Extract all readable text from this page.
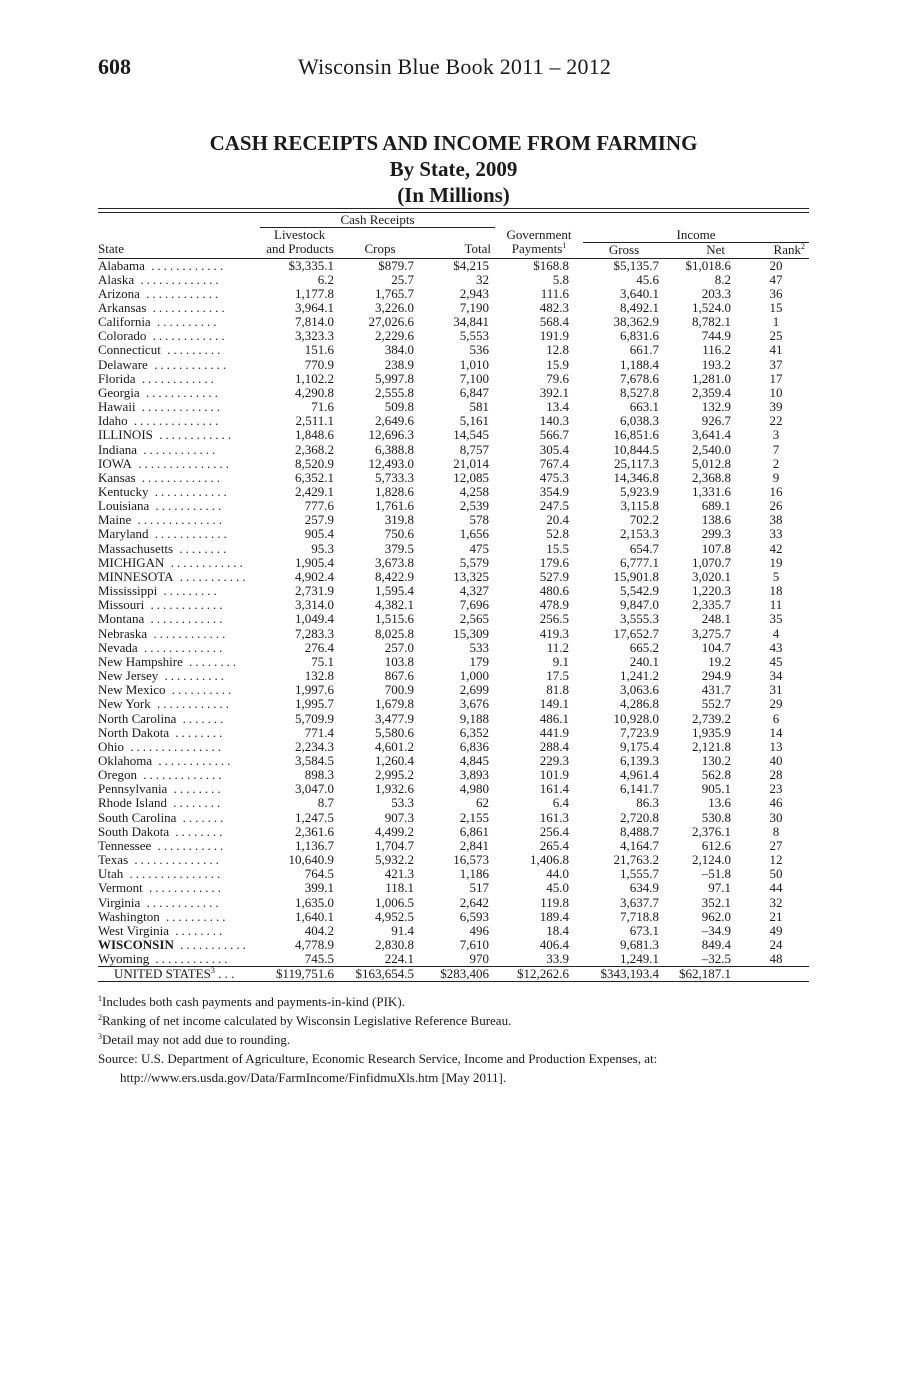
608	Wisconsin Blue Book 2011 – 2012
CASH RECEIPTS AND INCOME FROM FARMING
By State, 2009
(In Millions)
	Cash Receipts						
	Livestock			Government	Income		
State	and Products	Crops	Total	Payments$^1$	Gross	Net	Rank$^2$
Alabama ............	$3,335.1	$879.7	$4,215	$168.8	$5,135.7	$1,018.6	20
Alaska .............	6.2	25.7	32	5.8	45.6	8.2	47
Arizona ............	1,177.8	1,765.7	2,943	111.6	3,640.1	203.3	36
Arkansas ............	3,964.1	3,226.0	7,190	482.3	8,492.1	1,524.0	15
California ..........	7,814.0	27,026.6	34,841	568.4	38,362.9	8,782.1	1
Colorado ............	3,323.3	2,229.6	5,553	191.9	6,831.6	744.9	25
Connecticut .........	151.6	384.0	536	12.8	661.7	116.2	41
Delaware ............	770.9	238.9	1,010	15.9	1,188.4	193.2	37
Florida ............	1,102.2	5,997.8	7,100	79.6	7,678.6	1,281.0	17
Georgia ............	4,290.8	2,555.8	6,847	392.1	8,527.8	2,359.4	10
Hawaii .............	71.6	509.8	581	13.4	663.1	132.9	39
Idaho ..............	2,511.1	2,649.6	5,161	140.3	6,038.3	926.7	22
ILLINOIS ............	1,848.6	12,696.3	14,545	566.7	16,851.6	3,641.4	3
Indiana ............	2,368.2	6,388.8	8,757	305.4	10,844.5	2,540.0	7
IOWA ...............	8,520.9	12,493.0	21,014	767.4	25,117.3	5,012.8	2
Kansas .............	6,352.1	5,733.3	12,085	475.3	14,346.8	2,368.8	9
Kentucky ............	2,429.1	1,828.6	4,258	354.9	5,923.9	1,331.6	16
Louisiana ...........	777.6	1,761.6	2,539	247.5	3,115.8	689.1	26
Maine ..............	257.9	319.8	578	20.4	702.2	138.6	38
Maryland ............	905.4	750.6	1,656	52.8	2,153.3	299.3	33
Massachusetts ........	95.3	379.5	475	15.5	654.7	107.8	42
MICHIGAN ............	1,905.4	3,673.8	5,579	179.6	6,777.1	1,070.7	19
MINNESOTA ...........	4,902.4	8,422.9	13,325	527.9	15,901.8	3,020.1	5
Mississippi .........	2,731.9	1,595.4	4,327	480.6	5,542.9	1,220.3	18
Missouri ............	3,314.0	4,382.1	7,696	478.9	9,847.0	2,335.7	11
Montana ............	1,049.4	1,515.6	2,565	256.5	3,555.3	248.1	35
Nebraska ............	7,283.3	8,025.8	15,309	419.3	17,652.7	3,275.7	4
Nevada .............	276.4	257.0	533	11.2	665.2	104.7	43
New Hampshire ........	75.1	103.8	179	9.1	240.1	19.2	45
New Jersey ..........	132.8	867.6	1,000	17.5	1,241.2	294.9	34
New Mexico ..........	1,997.6	700.9	2,699	81.8	3,063.6	431.7	31
New York ............	1,995.7	1,679.8	3,676	149.1	4,286.8	552.7	29
North Carolina .......	5,709.9	3,477.9	9,188	486.1	10,928.0	2,739.2	6
North Dakota ........	771.4	5,580.6	6,352	441.9	7,723.9	1,935.9	14
Ohio ...............	2,234.3	4,601.2	6,836	288.4	9,175.4	2,121.8	13
Oklahoma ............	3,584.5	1,260.4	4,845	229.3	6,139.3	130.2	40
Oregon .............	898.3	2,995.2	3,893	101.9	4,961.4	562.8	28
Pennsylvania ........	3,047.0	1,932.6	4,980	161.4	6,141.7	905.1	23
Rhode Island ........	8.7	53.3	62	6.4	86.3	13.6	46
South Carolina .......	1,247.5	907.3	2,155	161.3	2,720.8	530.8	30
South Dakota ........	2,361.6	4,499.2	6,861	256.4	8,488.7	2,376.1	8
Tennessee ...........	1,136.7	1,704.7	2,841	265.4	4,164.7	612.6	27
Texas ..............	10,640.9	5,932.2	16,573	1,406.8	21,763.2	2,124.0	12
Utah ...............	764.5	421.3	1,186	44.0	1,555.7	–51.8	50
Vermont ............	399.1	118.1	517	45.0	634.9	97.1	44
Virginia ............	1,635.0	1,006.5	2,642	119.8	3,637.7	352.1	32
Washington ..........	1,640.1	4,952.5	6,593	189.4	7,718.8	962.0	21
West Virginia ........	404.2	91.4	496	18.4	673.1	–34.9	49
WISCONSIN ...........	4,778.9	2,830.8	7,610	406.4	9,681.3	849.4	24
Wyoming ............	745.5	224.1	970	33.9	1,249.1	–32.5	48
UNITED STATES$^3$ . . .	$119,751.6	$163,654.5	$283,406	$12,262.6	$343,193.4	$62,187.1	
$^1$Includes both cash payments and payments-in-kind (PIK).
$^2$Ranking of net income calculated by Wisconsin Legislative Reference Bureau.
$^3$Detail may not add due to rounding.
Source: U.S. Department of Agriculture, Economic Research Service, Income and Production Expenses, at:
http://www.ers.usda.gov/Data/FarmIncome/FinfidmuXls.htm [May 2011].
